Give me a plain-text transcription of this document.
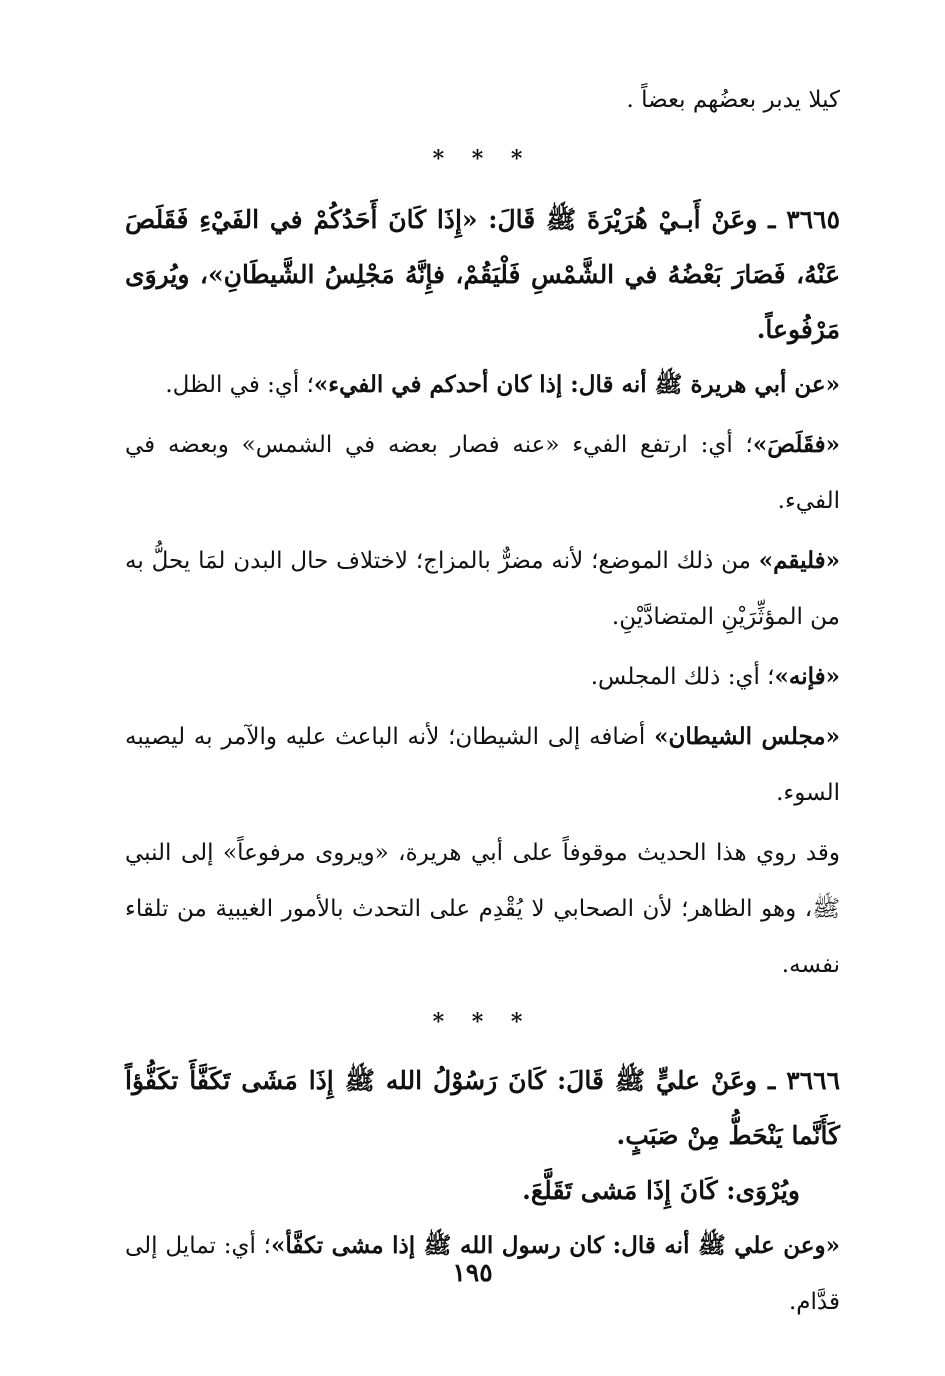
كيلا يدبر بعضُهم بعضاً .

* * *

٣٦٦٥ ـ وعَنْ أَبـيْ هُرَيْرَةَ ﷺ قَالَ: «إِذَا كَانَ أَحَدُكُمْ في الفَيْءِ فَقَلَصَ عَنْهُ، فَصَارَ بَعْضُهُ في الشَّمْسِ فَلْيَقُمْ، فإِنَّهُ مَجْلِسُ الشَّيطَانِ»، ويُروَى مَرْفُوعاً.

«عن أبي هريرة ﷺ أنه قال: إذا كان أحدكم في الفيء»؛ أي: في الظل.

«فقَلَصَ»؛ أي: ارتفع الفيء «عنه فصار بعضه في الشمس» وبعضه في الفيء.

«فليقم» من ذلك الموضع؛ لأنه مضرٌّ بالمزاج؛ لاختلاف حال البدن لمَا يحلُّ به من المؤثِّرَيْنِ المتضادَّيْنِ.

«فإنه»؛ أي: ذلك المجلس.

«مجلس الشيطان» أضافه إلى الشيطان؛ لأنه الباعث عليه والآمر به ليصيبه السوء.

وقد روي هذا الحديث موقوفاً على أبي هريرة، «ويروى مرفوعاً» إلى النبي ﷺ، وهو الظاهر؛ لأن الصحابي لا يُقْدِم على التحدث بالأمور الغيبية من تلقاء نفسه.

* * *

٣٦٦٦ ـ وعَنْ عليٍّ ﷺ قَالَ: كَانَ رَسُوْلُ الله ﷺ إِذَا مَشَى تَكَفَّأَ تكَفُّؤاً كَأَنَّما يَنْحَطُّ مِنْ صَبَبٍ.

ويُرْوَى: كَانَ إِذَا مَشى تَقَلَّعَ.

«وعن علي ﷺ أنه قال: كان رسول الله ﷺ إذا مشى تكفَّأ»؛ أي: تمايل إلى قدَّام.

١٩٥
